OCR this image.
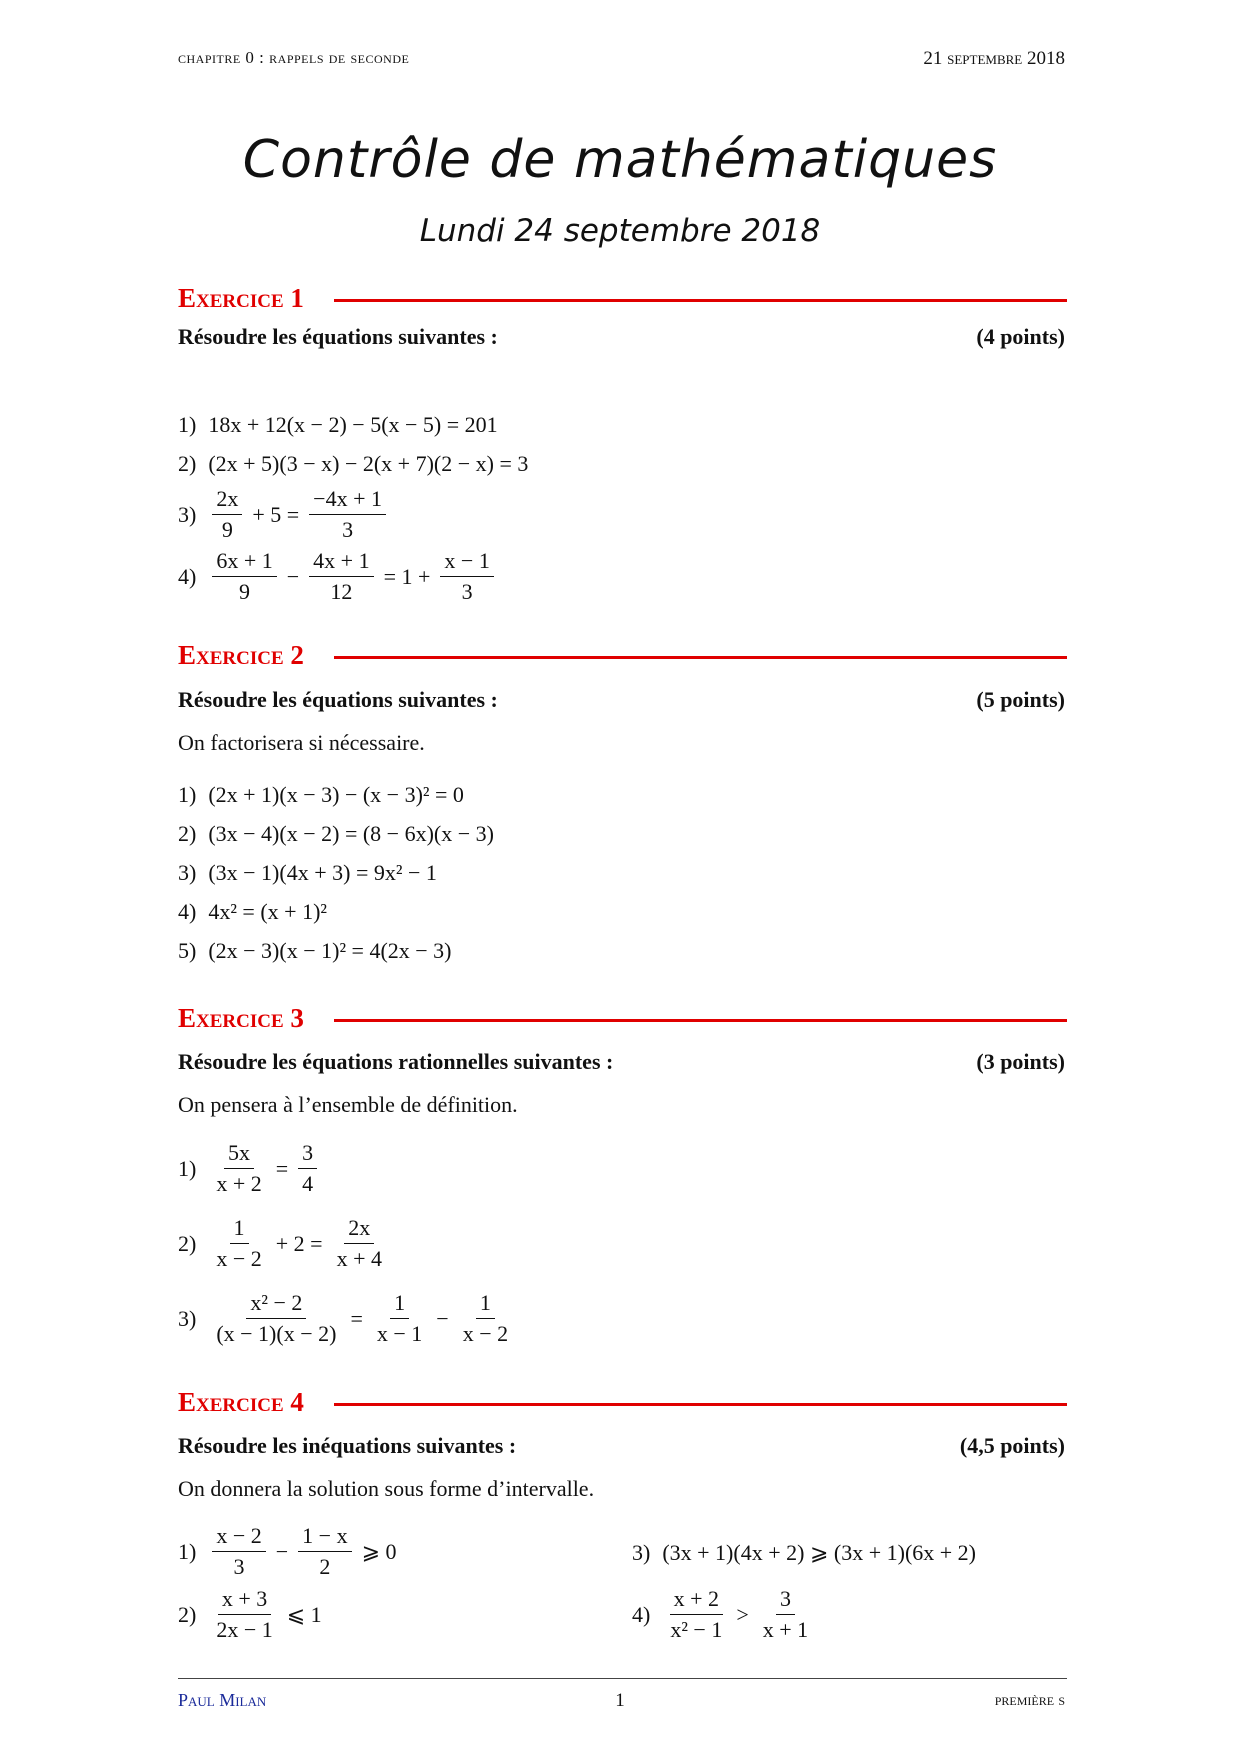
chapitre 0 : rappels de seconde	21 septembre 2018
Contrôle de mathématiques
Lundi 24 septembre 2018
Exercice 1
Résoudre les équations suivantes :	(4 points)
1) 18x + 12(x − 2) − 5(x − 5) = 201
2) (2x + 5)(3 − x) − 2(x + 7)(2 − x) = 3
$3) \frac{2x}{9} + 5 = \frac{-4x + 1}{3}$
$4) \frac{6x + 1}{9} - \frac{4x + 1}{12} = 1 + \frac{x - 1}{3}$
Exercice 2
Résoudre les équations suivantes :	(5 points)
On factorisera si nécessaire.
1) (2x + 1)(x − 3) − (x − 3)² = 0
2) (3x − 4)(x − 2) = (8 − 6x)(x − 3)
3) (3x − 1)(4x + 3) = 9x² − 1
4) 4x² = (x + 1)²
5) (2x − 3)(x − 1)² = 4(2x − 3)
Exercice 3
Résoudre les équations rationnelles suivantes :	(3 points)
On pensera à l’ensemble de définition.
$1) \frac{5x}{x + 2} = \frac{3}{4}$
$2) \frac{1}{x - 2} + 2 = \frac{2x}{x + 4}$
$3) \frac{\text{x² − 2}}{(x - 1)(x - 2)} = \frac{1}{x - 1} - \frac{1}{x - 2}$
Exercice 4
Résoudre les inéquations suivantes :	(4,5 points)
On donnera la solution sous forme d’intervalle.
$1) \frac{x - 2}{3} - \frac{1 - x}{2}$ ⩾ 0
$2) \frac{x + 3}{2x - 1}$ ⩽ 1
3) (3x + 1)(4x + 2) ⩾ (3x + 1)(6x + 2)
$4) \frac{x + 2}{\text{x² − 1}} > \frac{3}{x + 1}$
Paul Milan	1	première s
